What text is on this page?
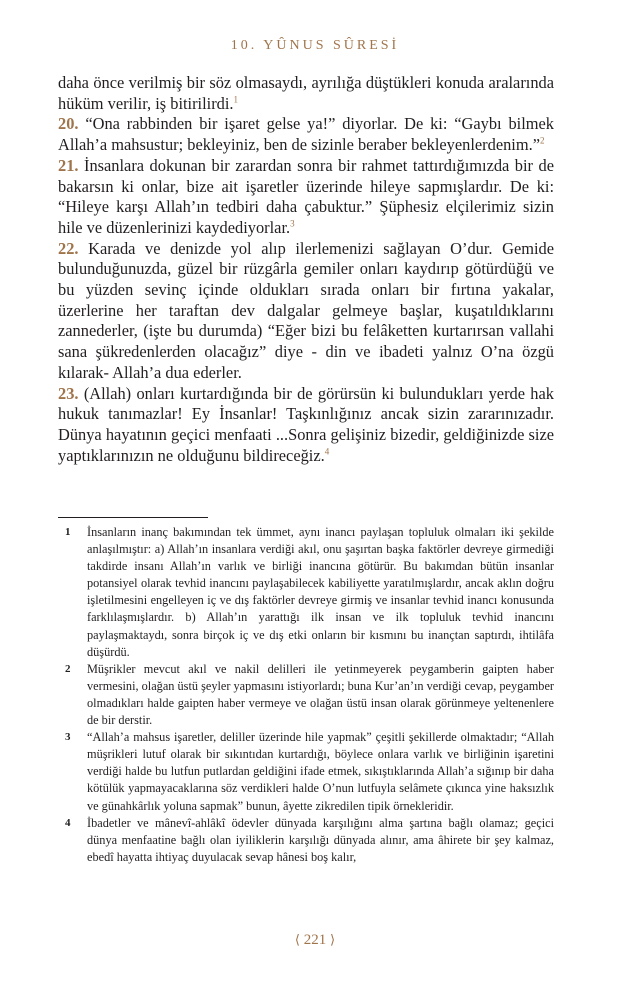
10. YÛNUS SÛRESİ

daha önce verilmiş bir söz olmasaydı, ayrılığa düştükleri konuda aralarında hüküm verilir, iş bitirilirdi.$^1$

20. “Ona rabbinden bir işaret gelse ya!” diyorlar. De ki: “Gaybı bilmek Allah’a mahsustur; bekleyiniz, ben de sizinle beraber bekleyenlerdenim.”$^2$

21. İnsanlara dokunan bir zarardan sonra bir rahmet tattırdığımızda bir de bakarsın ki onlar, bize ait işaretler üzerinde hileye sapmışlardır. De ki: “Hileye karşı Allah’ın tedbiri daha çabuktur.” Şüphesiz elçilerimiz sizin hile ve düzenlerinizi kaydediyorlar.$^3$

22. Karada ve denizde yol alıp ilerlemenizi sağlayan O’dur. Gemide bulunduğunuzda, güzel bir rüzgârla gemiler onları kaydırıp götürdüğü ve bu yüzden sevinç içinde oldukları sırada onları bir fırtına yakalar, üzerlerine her taraftan dev dalgalar gelmeye başlar, kuşatıldıklarını zannederler, (işte bu durumda) “Eğer bizi bu felâketten kurtarırsan vallahi sana şükredenlerden olacağız” diye - din ve ibadeti yalnız O’na özgü kılarak- Allah’a dua ederler.

23. (Allah) onları kurtardığında bir de görürsün ki bulundukları yerde hak hukuk tanımazlar! Ey İnsanlar! Taşkınlığınız ancak sizin zararınızadır. Dünya hayatının geçici menfaati ...Sonra gelişiniz bizedir, geldiğinizde size yaptıklarınızın ne olduğunu bildireceğiz.$^4$

1	İnsanların inanç bakımından tek ümmet, aynı inancı paylaşan topluluk olmaları iki şekilde anlaşılmıştır: a) Allah’ın insanlara verdiği akıl, onu şaşırtan başka faktörler devreye girmediği takdirde insanı Allah’ın varlık ve birliği inancına götürür. Bu bakımdan bütün insanlar potansiyel olarak tevhid inancını paylaşabilecek kabiliyette yaratılmışlardır, ancak aklın doğru işletilmesini engelleyen iç ve dış faktörler devreye girmiş ve insanlar tevhid inancı konusunda farklılaşmışlardır. b) Allah’ın yarattığı ilk insan ve ilk topluluk tevhid inancını paylaşmaktaydı, sonra birçok iç ve dış etki onların bir kısmını bu inançtan saptırdı, ihtilâfa düşürdü.
2	Müşrikler mevcut akıl ve nakil delilleri ile yetinmeyerek peygamberin gaipten haber vermesini, olağan üstü şeyler yapmasını istiyorlardı; buna Kur’an’ın verdiği cevap, peygamber olmadıkları halde gaipten haber vermeye ve olağan üstü insan olarak görünmeye yeltenenlere de bir derstir.
3	“Allah’a mahsus işaretler, deliller üzerinde hile yapmak” çeşitli şekillerde olmaktadır; “Allah müşrikleri lutuf olarak bir sıkıntıdan kurtardığı, böylece onlara varlık ve birliğinin işaretini verdiği halde bu lutfun putlardan geldiğini ifade etmek, sıkıştıklarında Allah’a sığınıp bir daha kötülük yapmayacaklarına söz verdikleri halde O’nun lutfuyla selâmete çıkınca yine haksızlık ve günahkârlık yoluna sapmak” bunun, âyette zikredilen tipik örnekleridir.
4	İbadetler ve mânevî-ahlâkî ödevler dünyada karşılığını alma şartına bağlı olamaz; geçici dünya menfaatine bağlı olan iyiliklerin karşılığı dünyada alınır, ama âhirete bir şey kalmaz, ebedî hayatta ihtiyaç duyulacak sevap hânesi boş kalır,
⟨ 221 ⟩
